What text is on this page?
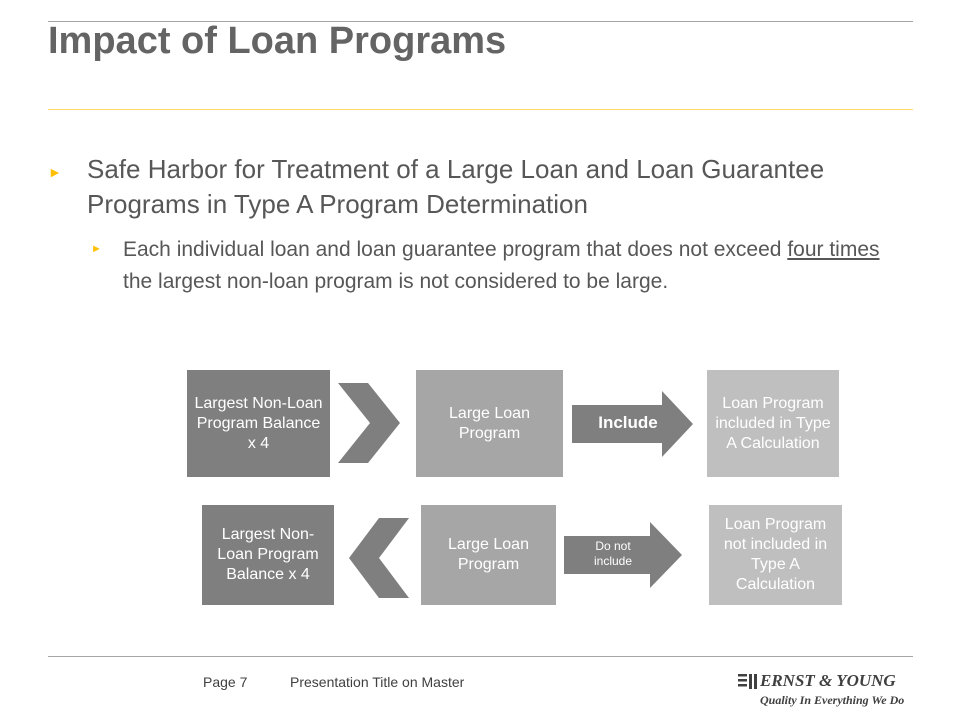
Impact of Loan Programs
► Safe Harbor for Treatment of a Large Loan and Loan Guarantee Programs in Type A Program Determination
► Each individual loan and loan guarantee program that does not exceed four times the largest non-loan program is not considered to be large.
Largest Non-Loan Program Balance x 4
Large Loan Program
Include
Loan Program included in Type A Calculation
Largest Non-Loan Program Balance x 4
Large Loan Program
Do not include
Loan Program not included in Type A Calculation
Page 7	Presentation Title on Master	ERNST & YOUNG
Quality In Everything We Do
